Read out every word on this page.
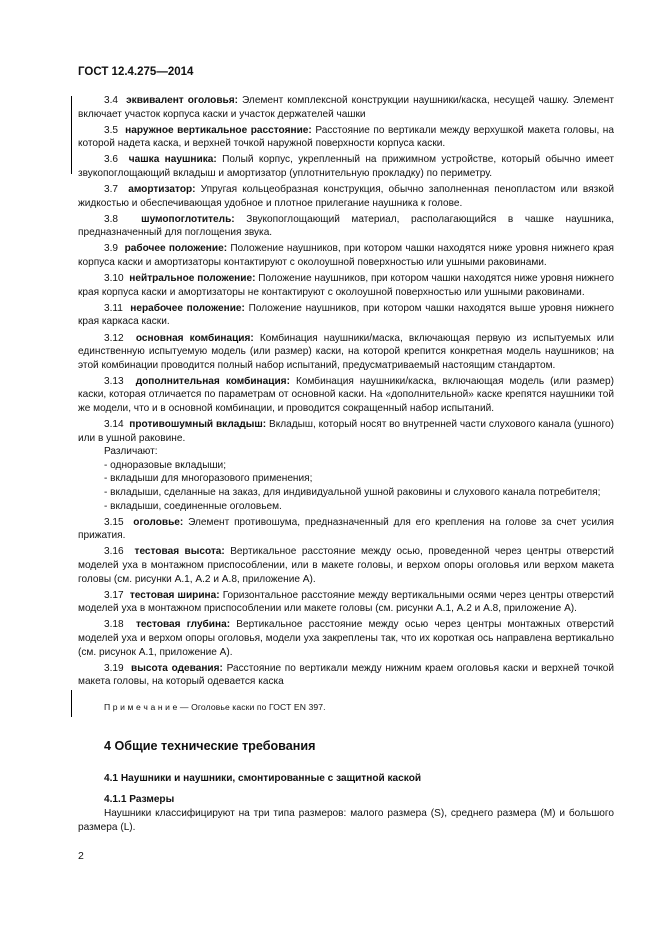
ГОСТ 12.4.275—2014

3.4 эквивалент оголовья: Элемент комплексной конструкции наушники/каска, несущей чашку. Элемент включает участок корпуса каски и участок держателей чашки

3.5 наружное вертикальное расстояние: Расстояние по вертикали между верхушкой макета головы, на которой надета каска, и верхней точкой наружной поверхности корпуса каски.

3.6 чашка наушника: Полый корпус, укрепленный на прижимном устройстве, который обычно имеет звукопоглощающий вкладыш и амортизатор (уплотнительную прокладку) по периметру.

3.7 амортизатор: Упругая кольцеобразная конструкция, обычно заполненная пенопластом или вязкой жидкостью и обеспечивающая удобное и плотное прилегание наушника к голове.

3.8 шумопоглотитель: Звукопоглощающий материал, располагающийся в чашке наушника, предназначенный для поглощения звука.

3.9 рабочее положение: Положение наушников, при котором чашки находятся ниже уровня нижнего края корпуса каски и амортизаторы контактируют с околоушной поверхностью или ушными раковинами.

3.10 нейтральное положение: Положение наушников, при котором чашки находятся ниже уровня нижнего края корпуса каски и амортизаторы не контактируют с околоушной поверхностью или ушными раковинами.

3.11 нерабочее положение: Положение наушников, при котором чашки находятся выше уровня нижнего края каркаса каски.

3.12 основная комбинация: Комбинация наушники/маска, включающая первую из испытуемых или единственную испытуемую модель (или размер) каски, на которой крепится конкретная модель наушников; на этой комбинации проводится полный набор испытаний, предусматриваемый настоящим стандартом.

3.13 дополнительная комбинация: Комбинация наушники/каска, включающая модель (или размер) каски, которая отличается по параметрам от основной каски. На «дополнительной» каске крепятся наушники той же модели, что и в основной комбинации, и проводится сокращенный набор испытаний.

3.14 противошумный вкладыш: Вкладыш, который носят во внутренней части слухового канала (ушного) или в ушной раковине.

Различают:

- одноразовые вкладыши;

- вкладыши для многоразового применения;

- вкладыши, сделанные на заказ, для индивидуальной ушной раковины и слухового канала потребителя;

- вкладыши, соединенные оголовьем.

3.15 оголовье: Элемент противошума, предназначенный для его крепления на голове за счет усилия прижатия.

3.16 тестовая высота: Вертикальное расстояние между осью, проведенной через центры отверстий моделей уха в монтажном приспособлении, или в макете головы, и верхом опоры оголовья или верхом макета головы (см. рисунки А.1, А.2 и А.8, приложение А).

3.17 тестовая ширина: Горизонтальное расстояние между вертикальными осями через центры отверстий моделей уха в монтажном приспособлении или макете головы (см. рисунки А.1, А.2 и А.8, приложение А).

3.18 тестовая глубина: Вертикальное расстояние между осью через центры монтажных отверстий моделей уха и верхом опоры оголовья, модели уха закреплены так, что их короткая ось направлена вертикально (см. рисунок А.1, приложение А).

3.19 высота одевания: Расстояние по вертикали между нижним краем оголовья каски и верхней точкой макета головы, на который одевается каска

П р и м е ч а н и е — Оголовье каски по ГОСТ EN 397.

4 Общие технические требования

4.1 Наушники и наушники, смонтированные с защитной каской

4.1.1 Размеры

Наушники классифицируют на три типа размеров: малого размера (S), среднего размера (M) и большого размера (L).

2
